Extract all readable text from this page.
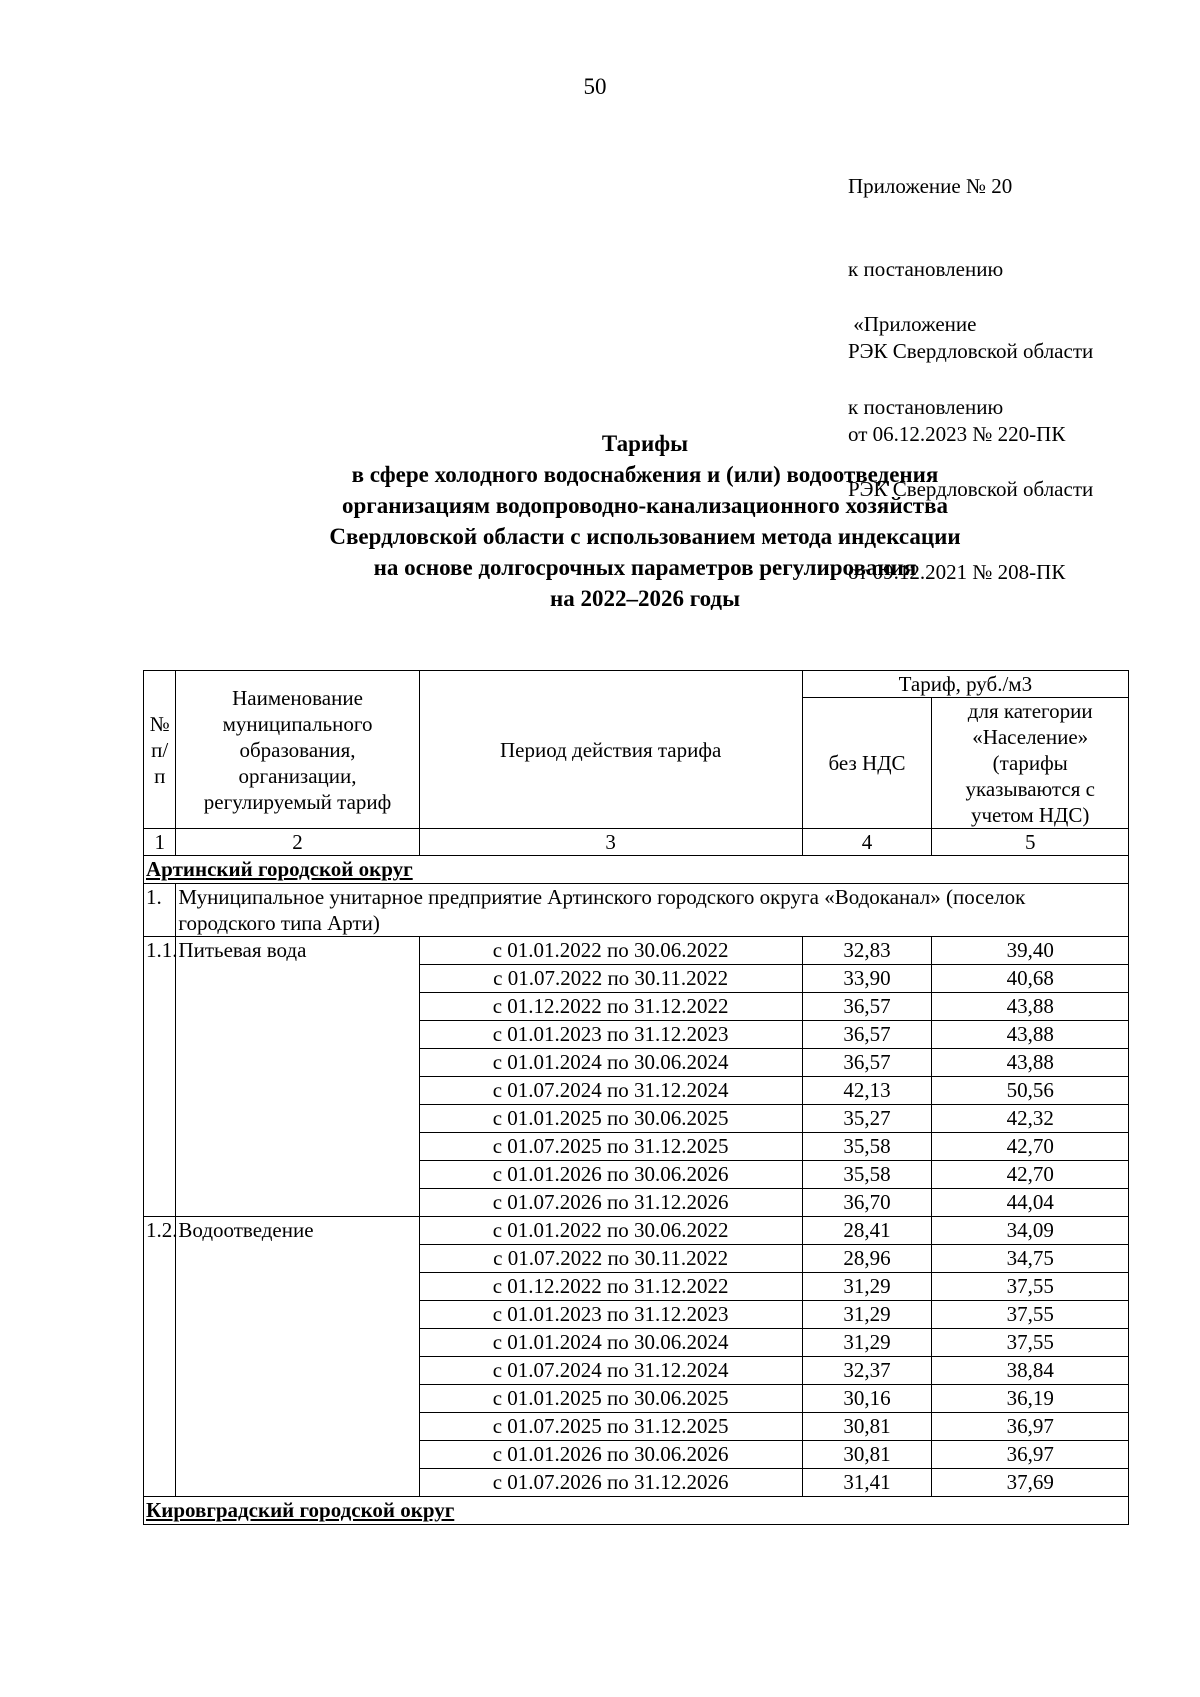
50

Приложение № 20

к постановлению

РЭК Свердловской области

от 06.12.2023 № 220-ПК

«Приложение

к постановлению

РЭК Свердловской области

от 09.12.2021 № 208-ПК

Тарифы
в сфере холодного водоснабжения и (или) водоотведения
организациям водопроводно-канализационного хозяйства
Свердловской области с использованием метода индексации
на основе долгосрочных параметров регулирования
на 2022–2026 годы
№ п/п	Наименование муниципального образования, организации, регулируемый тариф	Период действия тарифа	Тариф, руб./м3	
			без НДС	для категории «Население» (тарифы указываются с учетом НДС)
1	2	3	4	5
Артинский городской округ				
1.	Муниципальное унитарное предприятие Артинского городского округа «Водоканал» (поселок городского типа Арти)			
1.1.	Питьевая вода	с 01.01.2022 по 30.06.2022	32,83	39,40
		с 01.07.2022 по 30.11.2022	33,90	40,68
		с 01.12.2022 по 31.12.2022	36,57	43,88
		с 01.01.2023 по 31.12.2023	36,57	43,88
		с 01.01.2024 по 30.06.2024	36,57	43,88
		с 01.07.2024 по 31.12.2024	42,13	50,56
		с 01.01.2025 по 30.06.2025	35,27	42,32
		с 01.07.2025 по 31.12.2025	35,58	42,70
		с 01.01.2026 по 30.06.2026	35,58	42,70
		с 01.07.2026 по 31.12.2026	36,70	44,04
1.2.	Водоотведение	с 01.01.2022 по 30.06.2022	28,41	34,09
		с 01.07.2022 по 30.11.2022	28,96	34,75
		с 01.12.2022 по 31.12.2022	31,29	37,55
		с 01.01.2023 по 31.12.2023	31,29	37,55
		с 01.01.2024 по 30.06.2024	31,29	37,55
		с 01.07.2024 по 31.12.2024	32,37	38,84
		с 01.01.2025 по 30.06.2025	30,16	36,19
		с 01.07.2025 по 31.12.2025	30,81	36,97
		с 01.01.2026 по 30.06.2026	30,81	36,97
		с 01.07.2026 по 31.12.2026	31,41	37,69
Кировградский городской округ				
